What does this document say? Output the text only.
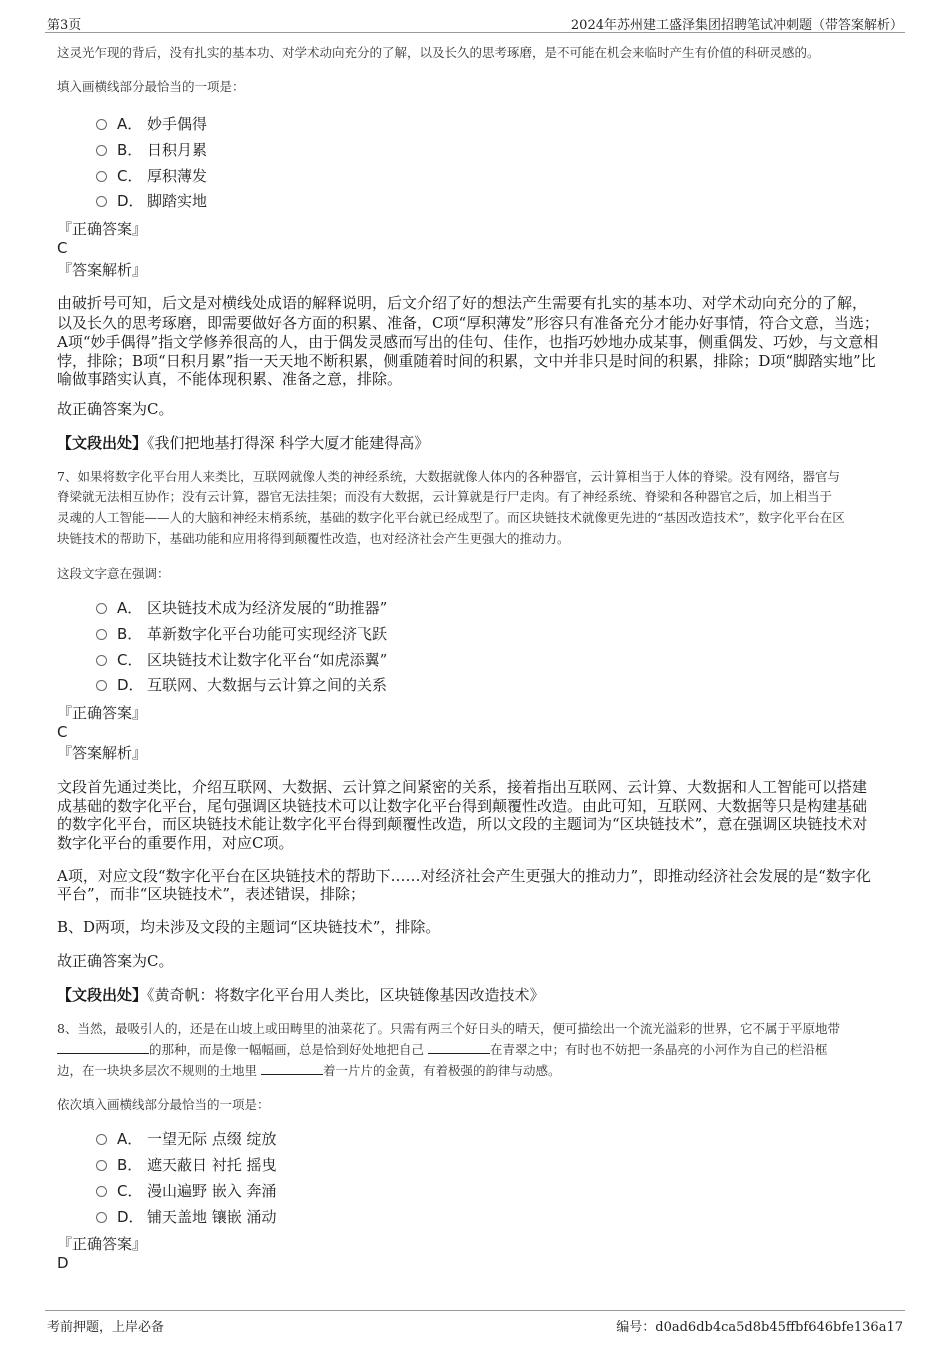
第3页	2024年苏州建工盛泽集团招聘笔试冲刺题（带答案解析）
这灵光乍现的背后，没有扎实的基本功、对学术动向充分的了解，以及长久的思考琢磨，是不可能在机会来临时产生有价值的科研灵感的。
填入画横线部分最恰当的一项是：
A． 妙手偶得
B． 日积月累
C． 厚积薄发
D． 脚踏实地
『正确答案』
C
『答案解析』
由破折号可知，后文是对横线处成语的解释说明，后文介绍了好的想法产生需要有扎实的基本功、对学术动向充分的了解，
以及长久的思考琢磨，即需要做好各方面的积累、准备，C项“厚积薄发”形容只有准备充分才能办好事情，符合文意，当选；
A项“妙手偶得”指文学修养很高的人，由于偶发灵感而写出的佳句、佳作，也指巧妙地办成某事，侧重偶发、巧妙，与文意相
悖，排除；B项“日积月累”指一天天地不断积累，侧重随着时间的积累，文中并非只是时间的积累，排除；D项“脚踏实地”比
喻做事踏实认真，不能体现积累、准备之意，排除。
故正确答案为C。
【文段出处】《我们把地基打得深 科学大厦才能建得高》
7、如果将数字化平台用人来类比，互联网就像人类的神经系统，大数据就像人体内的各种器官，云计算相当于人体的脊梁。没有网络，器官与
脊梁就无法相互协作；没有云计算，器官无法挂架；而没有大数据，云计算就是行尸走肉。有了神经系统、脊梁和各种器官之后，加上相当于
灵魂的人工智能——人的大脑和神经末梢系统，基础的数字化平台就已经成型了。而区块链技术就像更先进的“基因改造技术”，数字化平台在区
块链技术的帮助下，基础功能和应用将得到颠覆性改造，也对经济社会产生更强大的推动力。
这段文字意在强调：
A． 区块链技术成为经济发展的“助推器”
B． 革新数字化平台功能可实现经济飞跃
C． 区块链技术让数字化平台“如虎添翼”
D． 互联网、大数据与云计算之间的关系
『正确答案』
C
『答案解析』
文段首先通过类比，介绍互联网、大数据、云计算之间紧密的关系，接着指出互联网、云计算、大数据和人工智能可以搭建
成基础的数字化平台，尾句强调区块链技术可以让数字化平台得到颠覆性改造。由此可知，互联网、大数据等只是构建基础
的数字化平台，而区块链技术能让数字化平台得到颠覆性改造，所以文段的主题词为“区块链技术”，意在强调区块链技术对
数字化平台的重要作用，对应C项。
A项，对应文段“数字化平台在区块链技术的帮助下……对经济社会产生更强大的推动力”，即推动经济社会发展的是“数字化
平台”，而非“区块链技术”，表述错误，排除；
B、D两项，均未涉及文段的主题词“区块链技术”，排除。
故正确答案为C。
【文段出处】《黄奇帆：将数字化平台用人类比，区块链像基因改造技术》
8、当然，最吸引人的，还是在山坡上或田畴里的油菜花了。只需有两三个好日头的晴天，便可描绘出一个流光溢彩的世界，它不属于平原地带
的那种，而是像一幅幅画，总是恰到好处地把自己	在青翠之中；有时也不妨把一条晶亮的小河作为自己的栏沿框
边，在一块块多层次不规则的土地里	着一片片的金黄，有着极强的韵律与动感。
依次填入画横线部分最恰当的一项是：
A． 一望无际 点缀 绽放
B． 遮天蔽日 衬托 摇曳
C． 漫山遍野 嵌入 奔涌
D． 铺天盖地 镶嵌 涌动
『正确答案』
D
考前押题，上岸必备	编号：d0ad6db4ca5d8b45ffbf646bfe136a17
